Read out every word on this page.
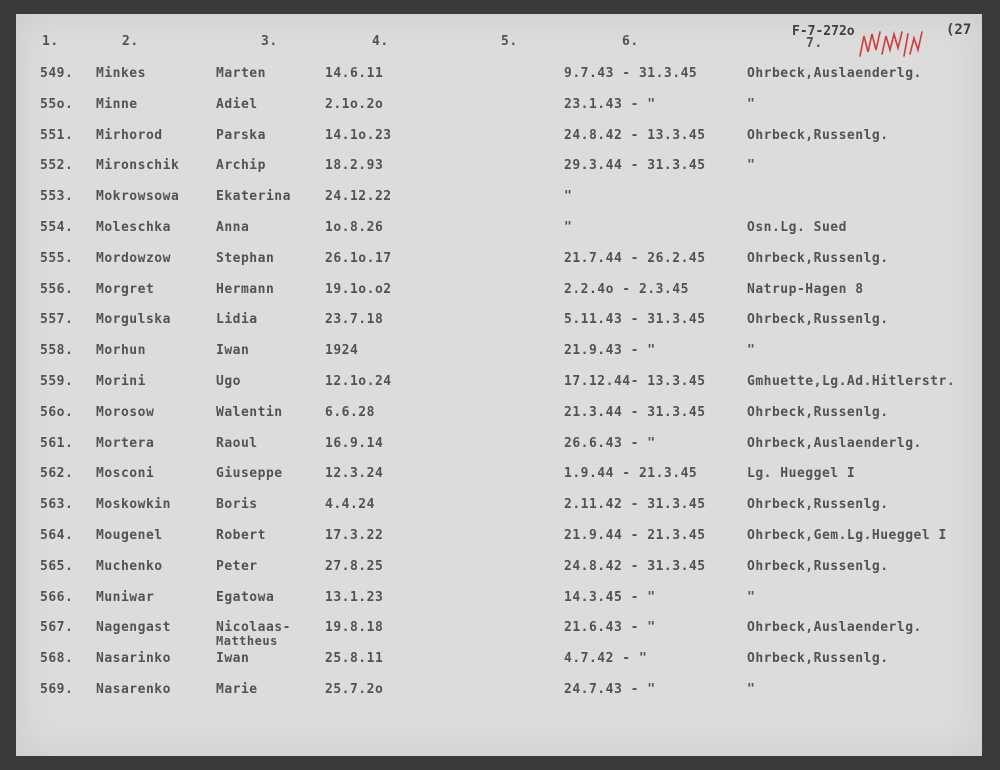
F-7-272o	(27
1.	2.	3.	4.	5.	6.	7.
549. Minkes	Marten	14.6.11	9.7.43 - 31.3.45	Ohrbeck,Auslaenderlg.
55o. Minne	Adiel	2.1o.2o	23.1.43 - "	"
551. Mirhorod	Parska	14.1o.23	24.8.42 - 13.3.45	Ohrbeck,Russenlg.
552. Mironschik	Archip	18.2.93	29.3.44 - 31.3.45	"
553. Mokrowsowa	Ekaterina	24.12.22	"
554. Moleschka	Anna	1o.8.26	"	Osn.Lg. Sued
555. Mordowzow	Stephan	26.1o.17	21.7.44 - 26.2.45	Ohrbeck,Russenlg.
556. Morgret	Hermann	19.1o.o2	2.2.4o - 2.3.45	Natrup-Hagen 8
557. Morgulska	Lidia	23.7.18	5.11.43 - 31.3.45	Ohrbeck,Russenlg.
558. Morhun	Iwan	1924	21.9.43 - "	"
559. Morini	Ugo	12.1o.24	17.12.44- 13.3.45	Gmhuette,Lg.Ad.Hitlerstr.
56o. Morosow	Walentin	6.6.28	21.3.44 - 31.3.45	Ohrbeck,Russenlg.
561. Mortera	Raoul	16.9.14	26.6.43 - "	Ohrbeck,Auslaenderlg.
562. Mosconi	Giuseppe	12.3.24	1.9.44 - 21.3.45	Lg. Hueggel I
563. Moskowkin	Boris	4.4.24	2.11.42 - 31.3.45	Ohrbeck,Russenlg.
564. Mougenel	Robert	17.3.22	21.9.44 - 21.3.45	Ohrbeck,Gem.Lg.Hueggel I
565. Muchenko	Peter	27.8.25	24.8.42 - 31.3.45	Ohrbeck,Russenlg.
566. Muniwar	Egatowa	13.1.23	14.3.45 - "	"
567. Nagengast	Nicolaas-	19.8.18	21.6.43 - "	Ohrbeck,Auslaenderlg.
Mattheus
568. Nasarinko	Iwan	25.8.11	4.7.42 - "	Ohrbeck,Russenlg.
569. Nasarenko	Marie	25.7.2o	24.7.43 - "	"
